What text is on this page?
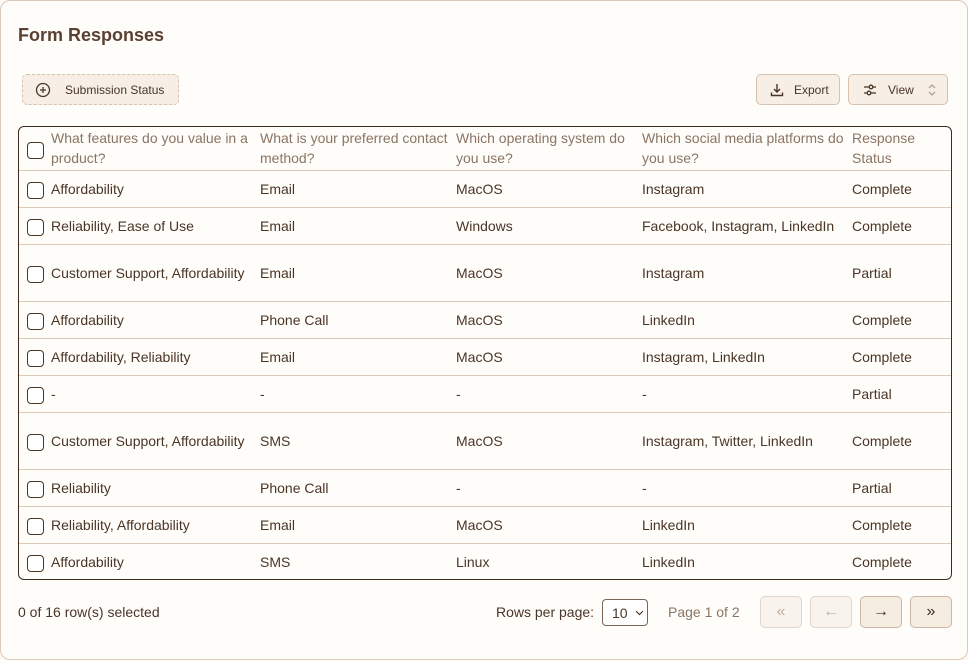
Form Responses
Submission Status	Export	View
	What features do you value in a product?	What is your preferred contact method?	Which operating system do you use?	Which social media platforms do you use?	Response Status
	Affordability	Email	MacOS	Instagram	Complete
	Reliability, Ease of Use	Email	Windows	Facebook, Instagram, LinkedIn	Complete
	Customer Support, Affordability	Email	MacOS	Instagram	Partial
	Affordability	Phone Call	MacOS	LinkedIn	Complete
	Affordability, Reliability	Email	MacOS	Instagram, LinkedIn	Complete
	-	-	-	-	Partial
	Customer Support, Affordability	SMS	MacOS	Instagram, Twitter, LinkedIn	Complete
	Reliability	Phone Call	-	-	Partial
	Reliability, Affordability	Email	MacOS	LinkedIn	Complete
	Affordability	SMS	Linux	LinkedIn	Complete
0 of 16 row(s) selected	Rows per page: 10	Page 1 of 2 « ← → »
